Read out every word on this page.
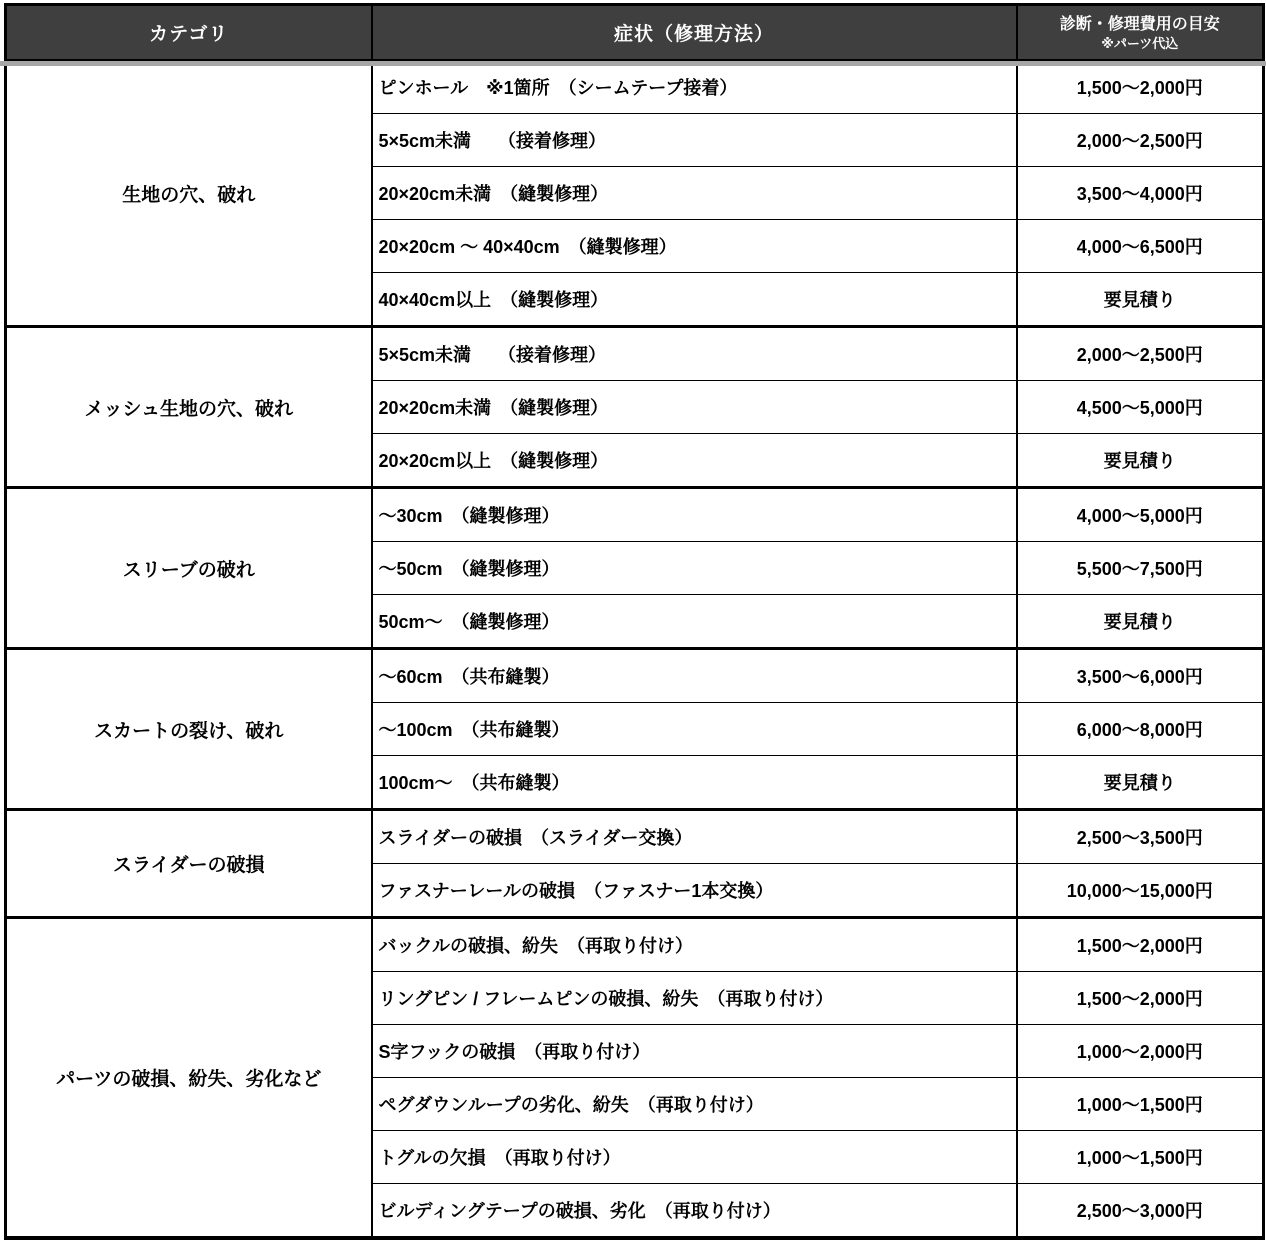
カテゴリ	症状（修理方法）	診断・修理費用の目安
※パーツ代込

生地の穴、破れ	ピンホール　※1箇所　（シームテープ接着）	1,500～2,000円
	5×5cm未満　　（接着修理）	2,000～2,500円
	20×20cm未満　（縫製修理）	3,500～4,000円
	20×20cm ～ 40×40cm　（縫製修理）	4,000～6,500円
	40×40cm以上　（縫製修理）	要見積り
メッシュ生地の穴、破れ	5×5cm未満　　（接着修理）	2,000～2,500円
	20×20cm未満　（縫製修理）	4,500～5,000円
	20×20cm以上　（縫製修理）	要見積り
スリーブの破れ	～30cm　（縫製修理）	4,000～5,000円
	～50cm　（縫製修理）	5,500～7,500円
	50cm～　（縫製修理）	要見積り
スカートの裂け、破れ	～60cm　（共布縫製）	3,500～6,000円
	～100cm　（共布縫製）	6,000～8,000円
	100cm～　（共布縫製）	要見積り
スライダーの破損	スライダーの破損　（スライダー交換）	2,500～3,500円
	ファスナーレールの破損　（ファスナー1本交換）	10,000～15,000円
パーツの破損、紛失、劣化など	バックルの破損、紛失　（再取り付け）	1,500～2,000円
	リングピン / フレームピンの破損、紛失　（再取り付け）	1,500～2,000円
	S字フックの破損　（再取り付け）	1,000～2,000円
	ペグダウンループの劣化、紛失　（再取り付け）	1,000～1,500円
	トグルの欠損　（再取り付け）	1,000～1,500円
	ビルディングテープの破損、劣化　（再取り付け）	2,500～3,000円
